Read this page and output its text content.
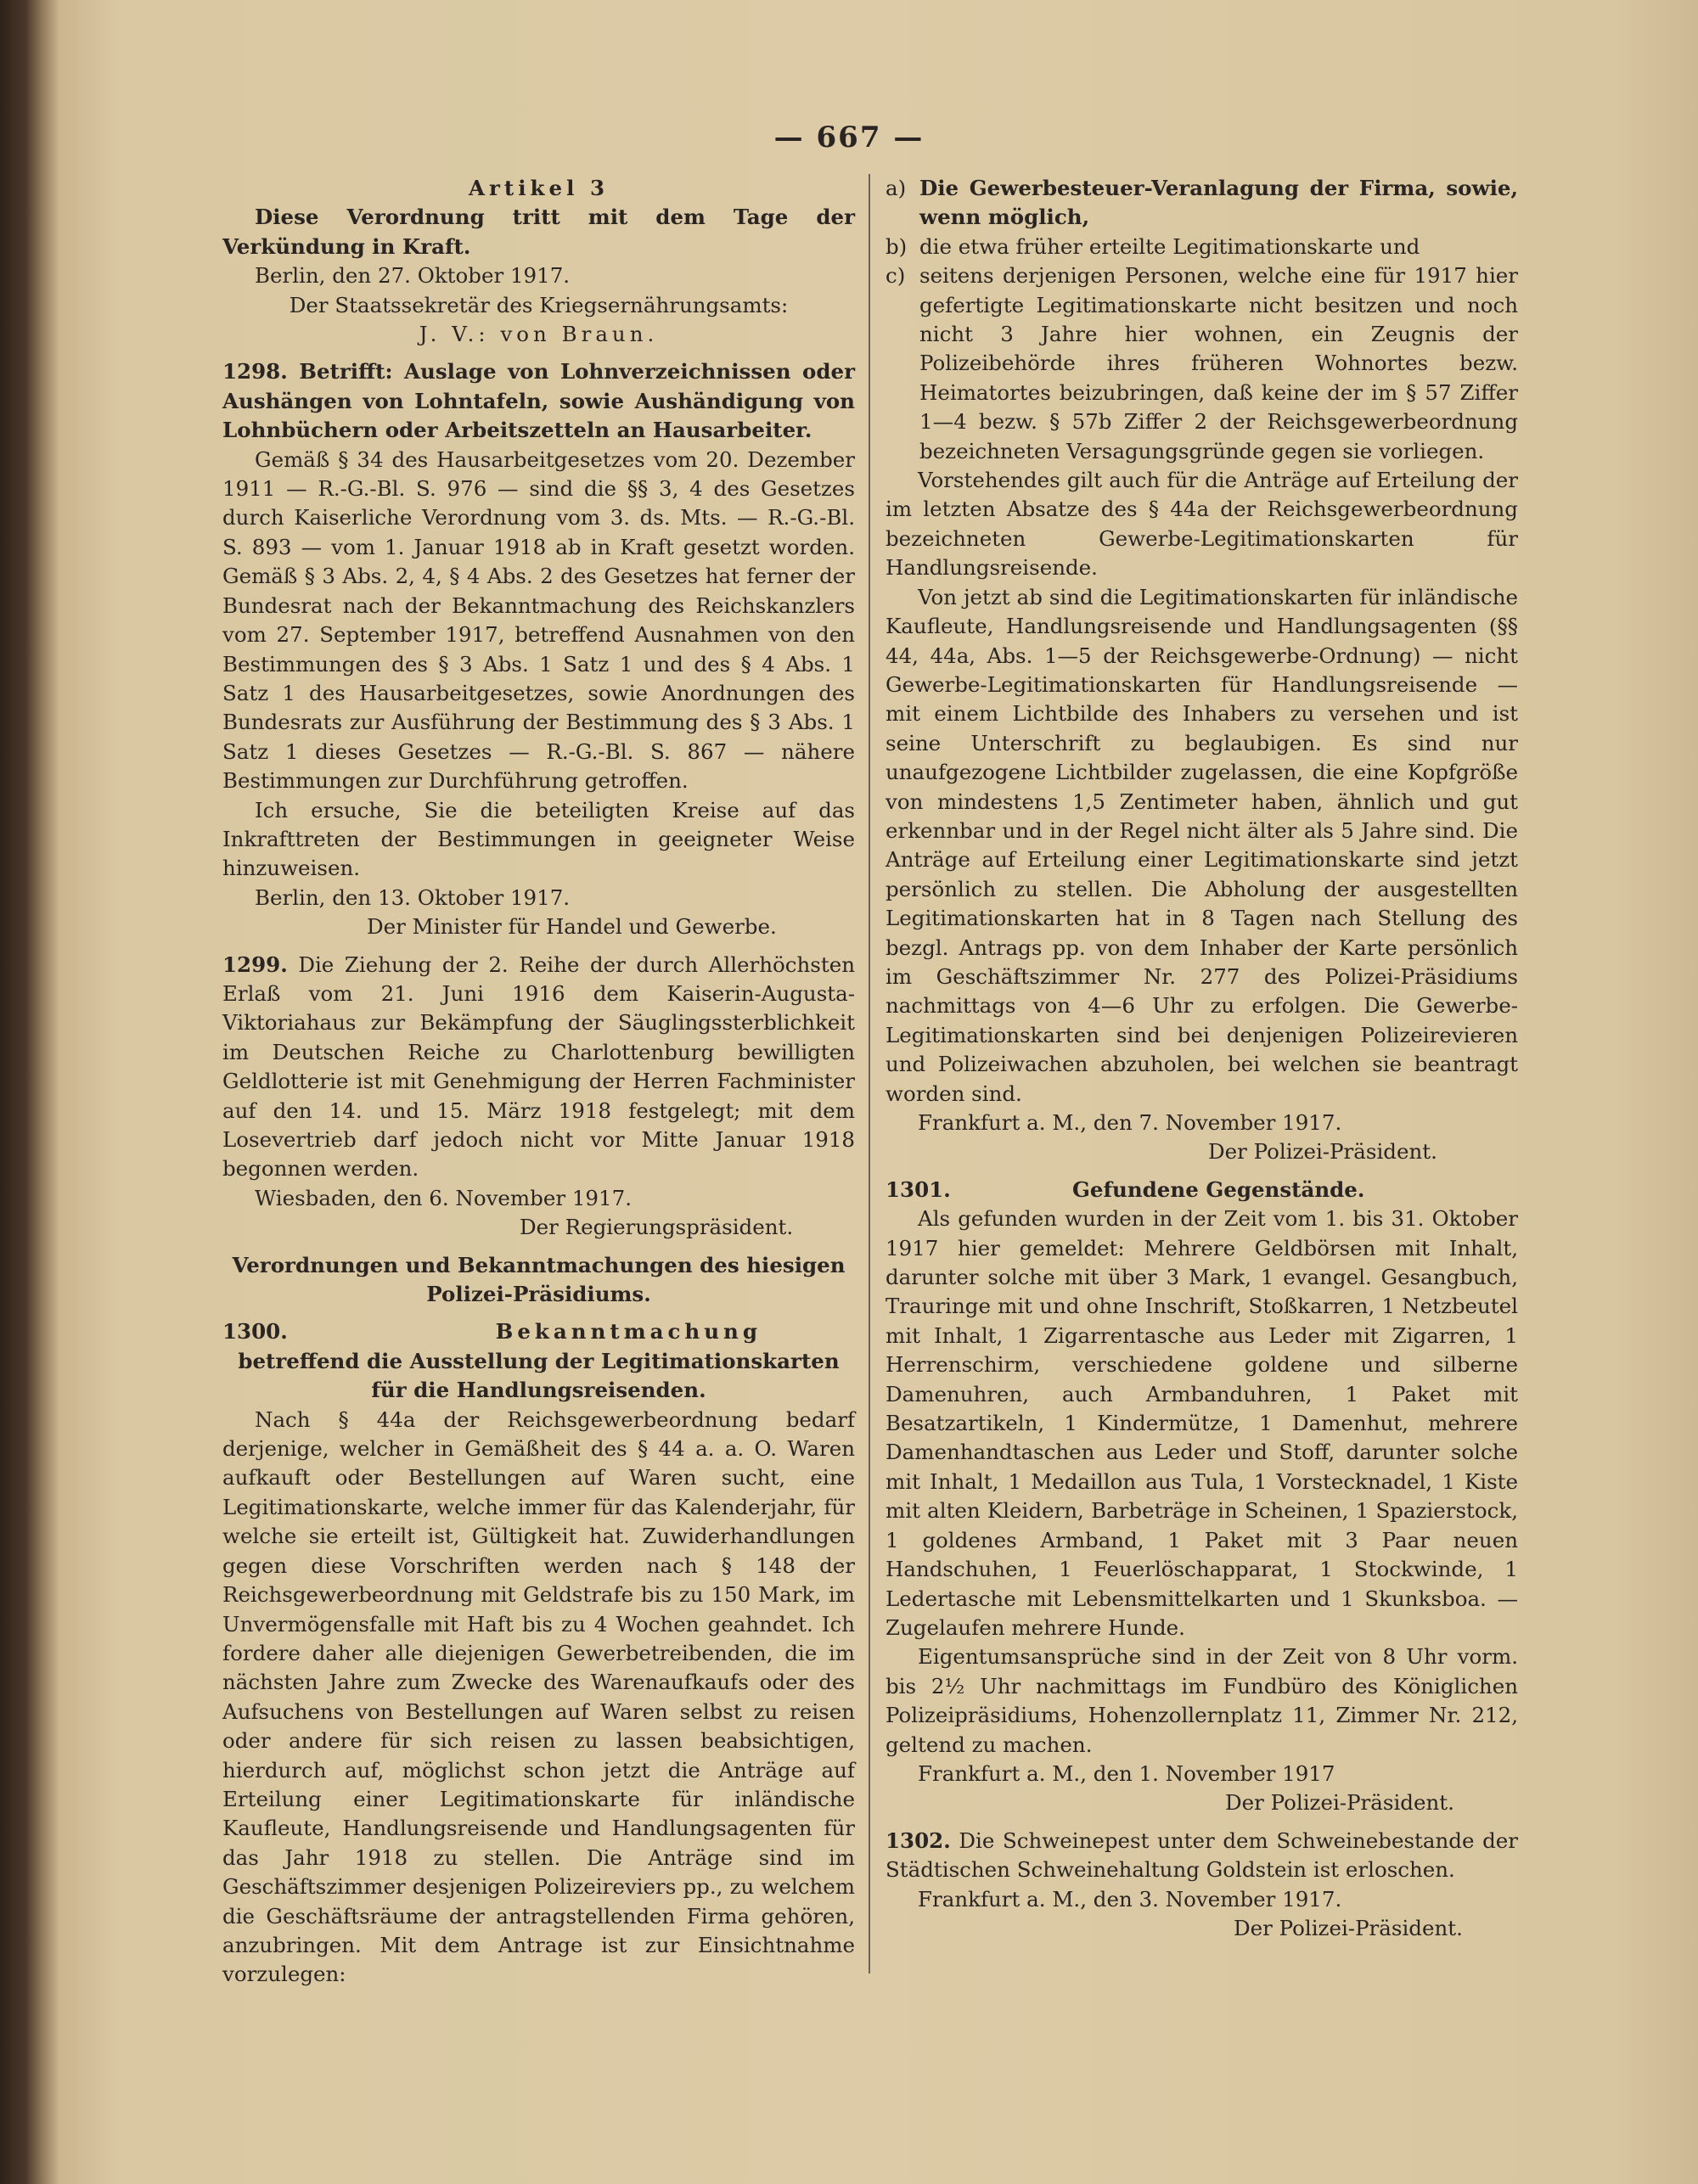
— 667 —

Artikel 3

Diese Verordnung tritt mit dem Tage der Verkündung in Kraft.

Berlin, den 27. Oktober 1917.

Der Staatssekretär des Kriegsernährungsamts:

J. V.: von Braun.

1298. Betrifft: Auslage von Lohnverzeichnissen oder Aushängen von Lohntafeln, sowie Aushändigung von Lohnbüchern oder Arbeitszetteln an Hausarbeiter.

Gemäß § 34 des Hausarbeitgesetzes vom 20. Dezember 1911 — R.-G.-Bl. S. 976 — sind die §§ 3, 4 des Gesetzes durch Kaiserliche Verordnung vom 3. ds. Mts. — R.-G.-Bl. S. 893 — vom 1. Januar 1918 ab in Kraft gesetzt worden. Gemäß § 3 Abs. 2, 4, § 4 Abs. 2 des Gesetzes hat ferner der Bundesrat nach der Bekanntmachung des Reichskanzlers vom 27. September 1917, betreffend Ausnahmen von den Bestimmungen des § 3 Abs. 1 Satz 1 und des § 4 Abs. 1 Satz 1 des Hausarbeitgesetzes, sowie Anordnungen des Bundesrats zur Ausführung der Bestimmung des § 3 Abs. 1 Satz 1 dieses Gesetzes — R.-G.-Bl. S. 867 — nähere Bestimmungen zur Durchführung getroffen.

Ich ersuche, Sie die beteiligten Kreise auf das Inkrafttreten der Bestimmungen in geeigneter Weise hinzuweisen.

Berlin, den 13. Oktober 1917.

Der Minister für Handel und Gewerbe.

1299. Die Ziehung der 2. Reihe der durch Allerhöchsten Erlaß vom 21. Juni 1916 dem Kaiserin-Augusta-Viktoriahaus zur Bekämpfung der Säuglingssterblichkeit im Deutschen Reiche zu Charlottenburg bewilligten Geldlotterie ist mit Genehmigung der Herren Fachminister auf den 14. und 15. März 1918 festgelegt; mit dem Losevertrieb darf jedoch nicht vor Mitte Januar 1918 begonnen werden.

Wiesbaden, den 6. November 1917.

Der Regierungspräsident.

Verordnungen und Bekanntmachungen des hiesigen Polizei-Präsidiums.

1300.	Bekanntmachung

betreffend die Ausstellung der Legitimationskarten für die Handlungsreisenden.

Nach § 44a der Reichsgewerbeordnung bedarf derjenige, welcher in Gemäßheit des § 44 a. a. O. Waren aufkauft oder Bestellungen auf Waren sucht, eine Legitimationskarte, welche immer für das Kalenderjahr, für welche sie erteilt ist, Gültigkeit hat. Zuwiderhandlungen gegen diese Vorschriften werden nach § 148 der Reichsgewerbeordnung mit Geldstrafe bis zu 150 Mark, im Unvermögensfalle mit Haft bis zu 4 Wochen geahndet. Ich fordere daher alle diejenigen Gewerbetreibenden, die im nächsten Jahre zum Zwecke des Warenaufkaufs oder des Aufsuchens von Bestellungen auf Waren selbst zu reisen oder andere für sich reisen zu lassen beabsichtigen, hierdurch auf, möglichst schon jetzt die Anträge auf Erteilung einer Legitimationskarte für inländische Kaufleute, Handlungsreisende und Handlungsagenten für das Jahr 1918 zu stellen. Die Anträge sind im Geschäftszimmer desjenigen Polizeireviers pp., zu welchem die Geschäftsräume der antragstellenden Firma gehören, anzubringen. Mit dem Antrage ist zur Einsichtnahme vorzulegen:

a) Die Gewerbesteuer-Veranlagung der Firma, sowie, wenn möglich,
b) die etwa früher erteilte Legitimationskarte und
c) seitens derjenigen Personen, welche eine für 1917 hier gefertigte Legitimationskarte nicht besitzen und noch nicht 3 Jahre hier wohnen, ein Zeugnis der Polizeibehörde ihres früheren Wohnortes bezw. Heimatortes beizubringen, daß keine der im § 57 Ziffer 1—4 bezw. § 57b Ziffer 2 der Reichsgewerbeordnung bezeichneten Versagungsgründe gegen sie vorliegen.

Vorstehendes gilt auch für die Anträge auf Erteilung der im letzten Absatze des § 44a der Reichsgewerbeordnung bezeichneten Gewerbe-Legitimationskarten für Handlungsreisende.

Von jetzt ab sind die Legitimationskarten für inländische Kaufleute, Handlungsreisende und Handlungsagenten (§§ 44, 44a, Abs. 1—5 der Reichsgewerbe-Ordnung) — nicht Gewerbe-Legitimationskarten für Handlungsreisende — mit einem Lichtbilde des Inhabers zu versehen und ist seine Unterschrift zu beglaubigen. Es sind nur unaufgezogene Lichtbilder zugelassen, die eine Kopfgröße von mindestens 1,5 Zentimeter haben, ähnlich und gut erkennbar und in der Regel nicht älter als 5 Jahre sind. Die Anträge auf Erteilung einer Legitimationskarte sind jetzt persönlich zu stellen. Die Abholung der ausgestellten Legitimationskarten hat in 8 Tagen nach Stellung des bezgl. Antrags pp. von dem Inhaber der Karte persönlich im Geschäftszimmer Nr. 277 des Polizei-Präsidiums nachmittags von 4—6 Uhr zu erfolgen. Die Gewerbe-Legitimationskarten sind bei denjenigen Polizeirevieren und Polizeiwachen abzuholen, bei welchen sie beantragt worden sind.

Frankfurt a. M., den 7. November 1917.

Der Polizei-Präsident.

1301.	Gefundene Gegenstände.

Als gefunden wurden in der Zeit vom 1. bis 31. Oktober 1917 hier gemeldet: Mehrere Geldbörsen mit Inhalt, darunter solche mit über 3 Mark, 1 evangel. Gesangbuch, Trauringe mit und ohne Inschrift, Stoßkarren, 1 Netzbeutel mit Inhalt, 1 Zigarrentasche aus Leder mit Zigarren, 1 Herrenschirm, verschiedene goldene und silberne Damenuhren, auch Armbanduhren, 1 Paket mit Besatzartikeln, 1 Kindermütze, 1 Damenhut, mehrere Damenhandtaschen aus Leder und Stoff, darunter solche mit Inhalt, 1 Medaillon aus Tula, 1 Vorstecknadel, 1 Kiste mit alten Kleidern, Barbeträge in Scheinen, 1 Spazierstock, 1 goldenes Armband, 1 Paket mit 3 Paar neuen Handschuhen, 1 Feuerlöschapparat, 1 Stockwinde, 1 Ledertasche mit Lebensmittelkarten und 1 Skunksboa. — Zugelaufen mehrere Hunde.

Eigentumsansprüche sind in der Zeit von 8 Uhr vorm. bis 2½ Uhr nachmittags im Fundbüro des Königlichen Polizeipräsidiums, Hohenzollernplatz 11, Zimmer Nr. 212, geltend zu machen.

Frankfurt a. M., den 1. November 1917

Der Polizei-Präsident.

1302. Die Schweinepest unter dem Schweinebestande der Städtischen Schweinehaltung Goldstein ist erloschen.

Frankfurt a. M., den 3. November 1917.

Der Polizei-Präsident.
